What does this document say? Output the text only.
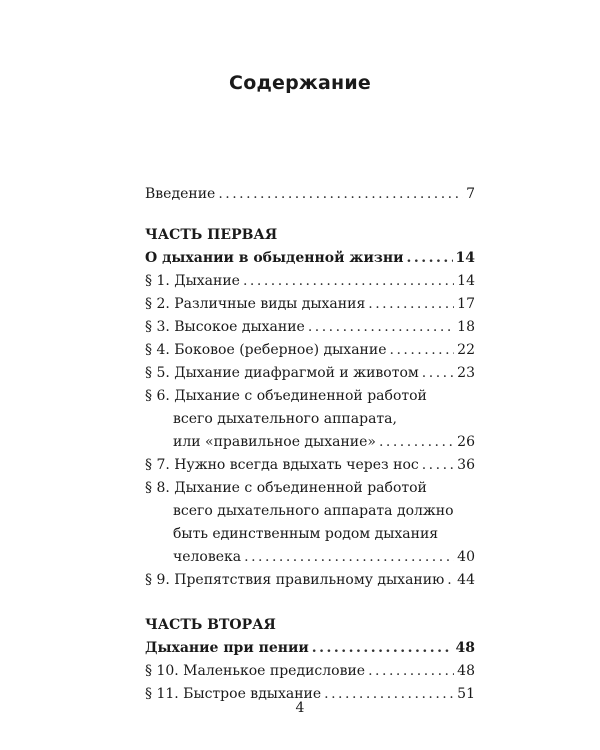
Содержание
Введение .....	7
ЧАСТЬ ПЕРВАЯ
О дыхании в обыденной жизни .....	14
§ 1. Дыхание .....	14
§ 2. Различные виды дыхания .....	17
§ 3. Высокое дыхание .....	18
§ 4. Боковое (реберное) дыхание .....	22
§ 5. Дыхание диафрагмой и животом .....	23
§ 6. Дыхание с объединенной работой
всего дыхательного аппарата,
или «правильное дыхание» .....	26
§ 7. Нужно всегда вдыхать через нос .....	36
§ 8. Дыхание с объединенной работой
всего дыхательного аппарата должно
быть единственным родом дыхания
человека .....	40
§ 9. Препятствия правильному дыханию ..... 44
ЧАСТЬ ВТОРАЯ
Дыхание при пении .....	48
§ 10. Маленькое предисловие .....	48
§ 11. Быстрое вдыхание .....	51
4
